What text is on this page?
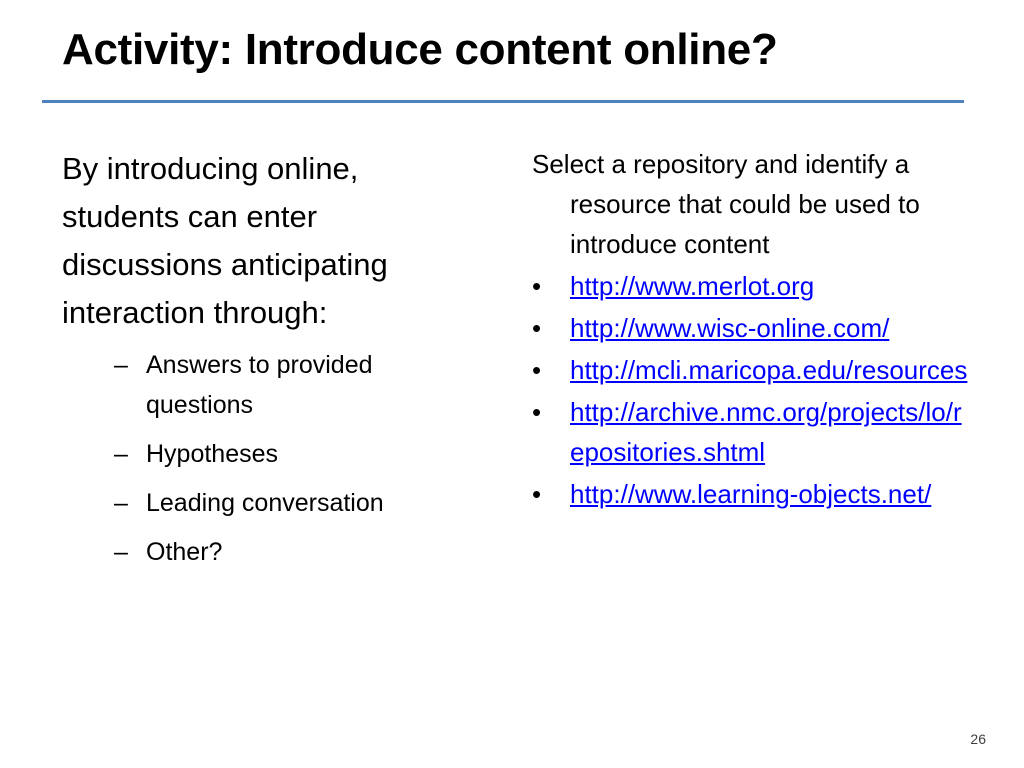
Activity: Introduce content online?

By introducing online, students can enter discussions anticipating interaction through:

– Answers to provided questions
– Hypotheses
– Leading conversation
– Other?

Select a repository and identify a resource that could be used to introduce content

• http://www.merlot.org
• http://www.wisc-online.com/
• http://mcli.maricopa.edu/resources
• http://archive.nmc.org/projects/lo/repositories.shtml
• http://www.learning-objects.net/
26
